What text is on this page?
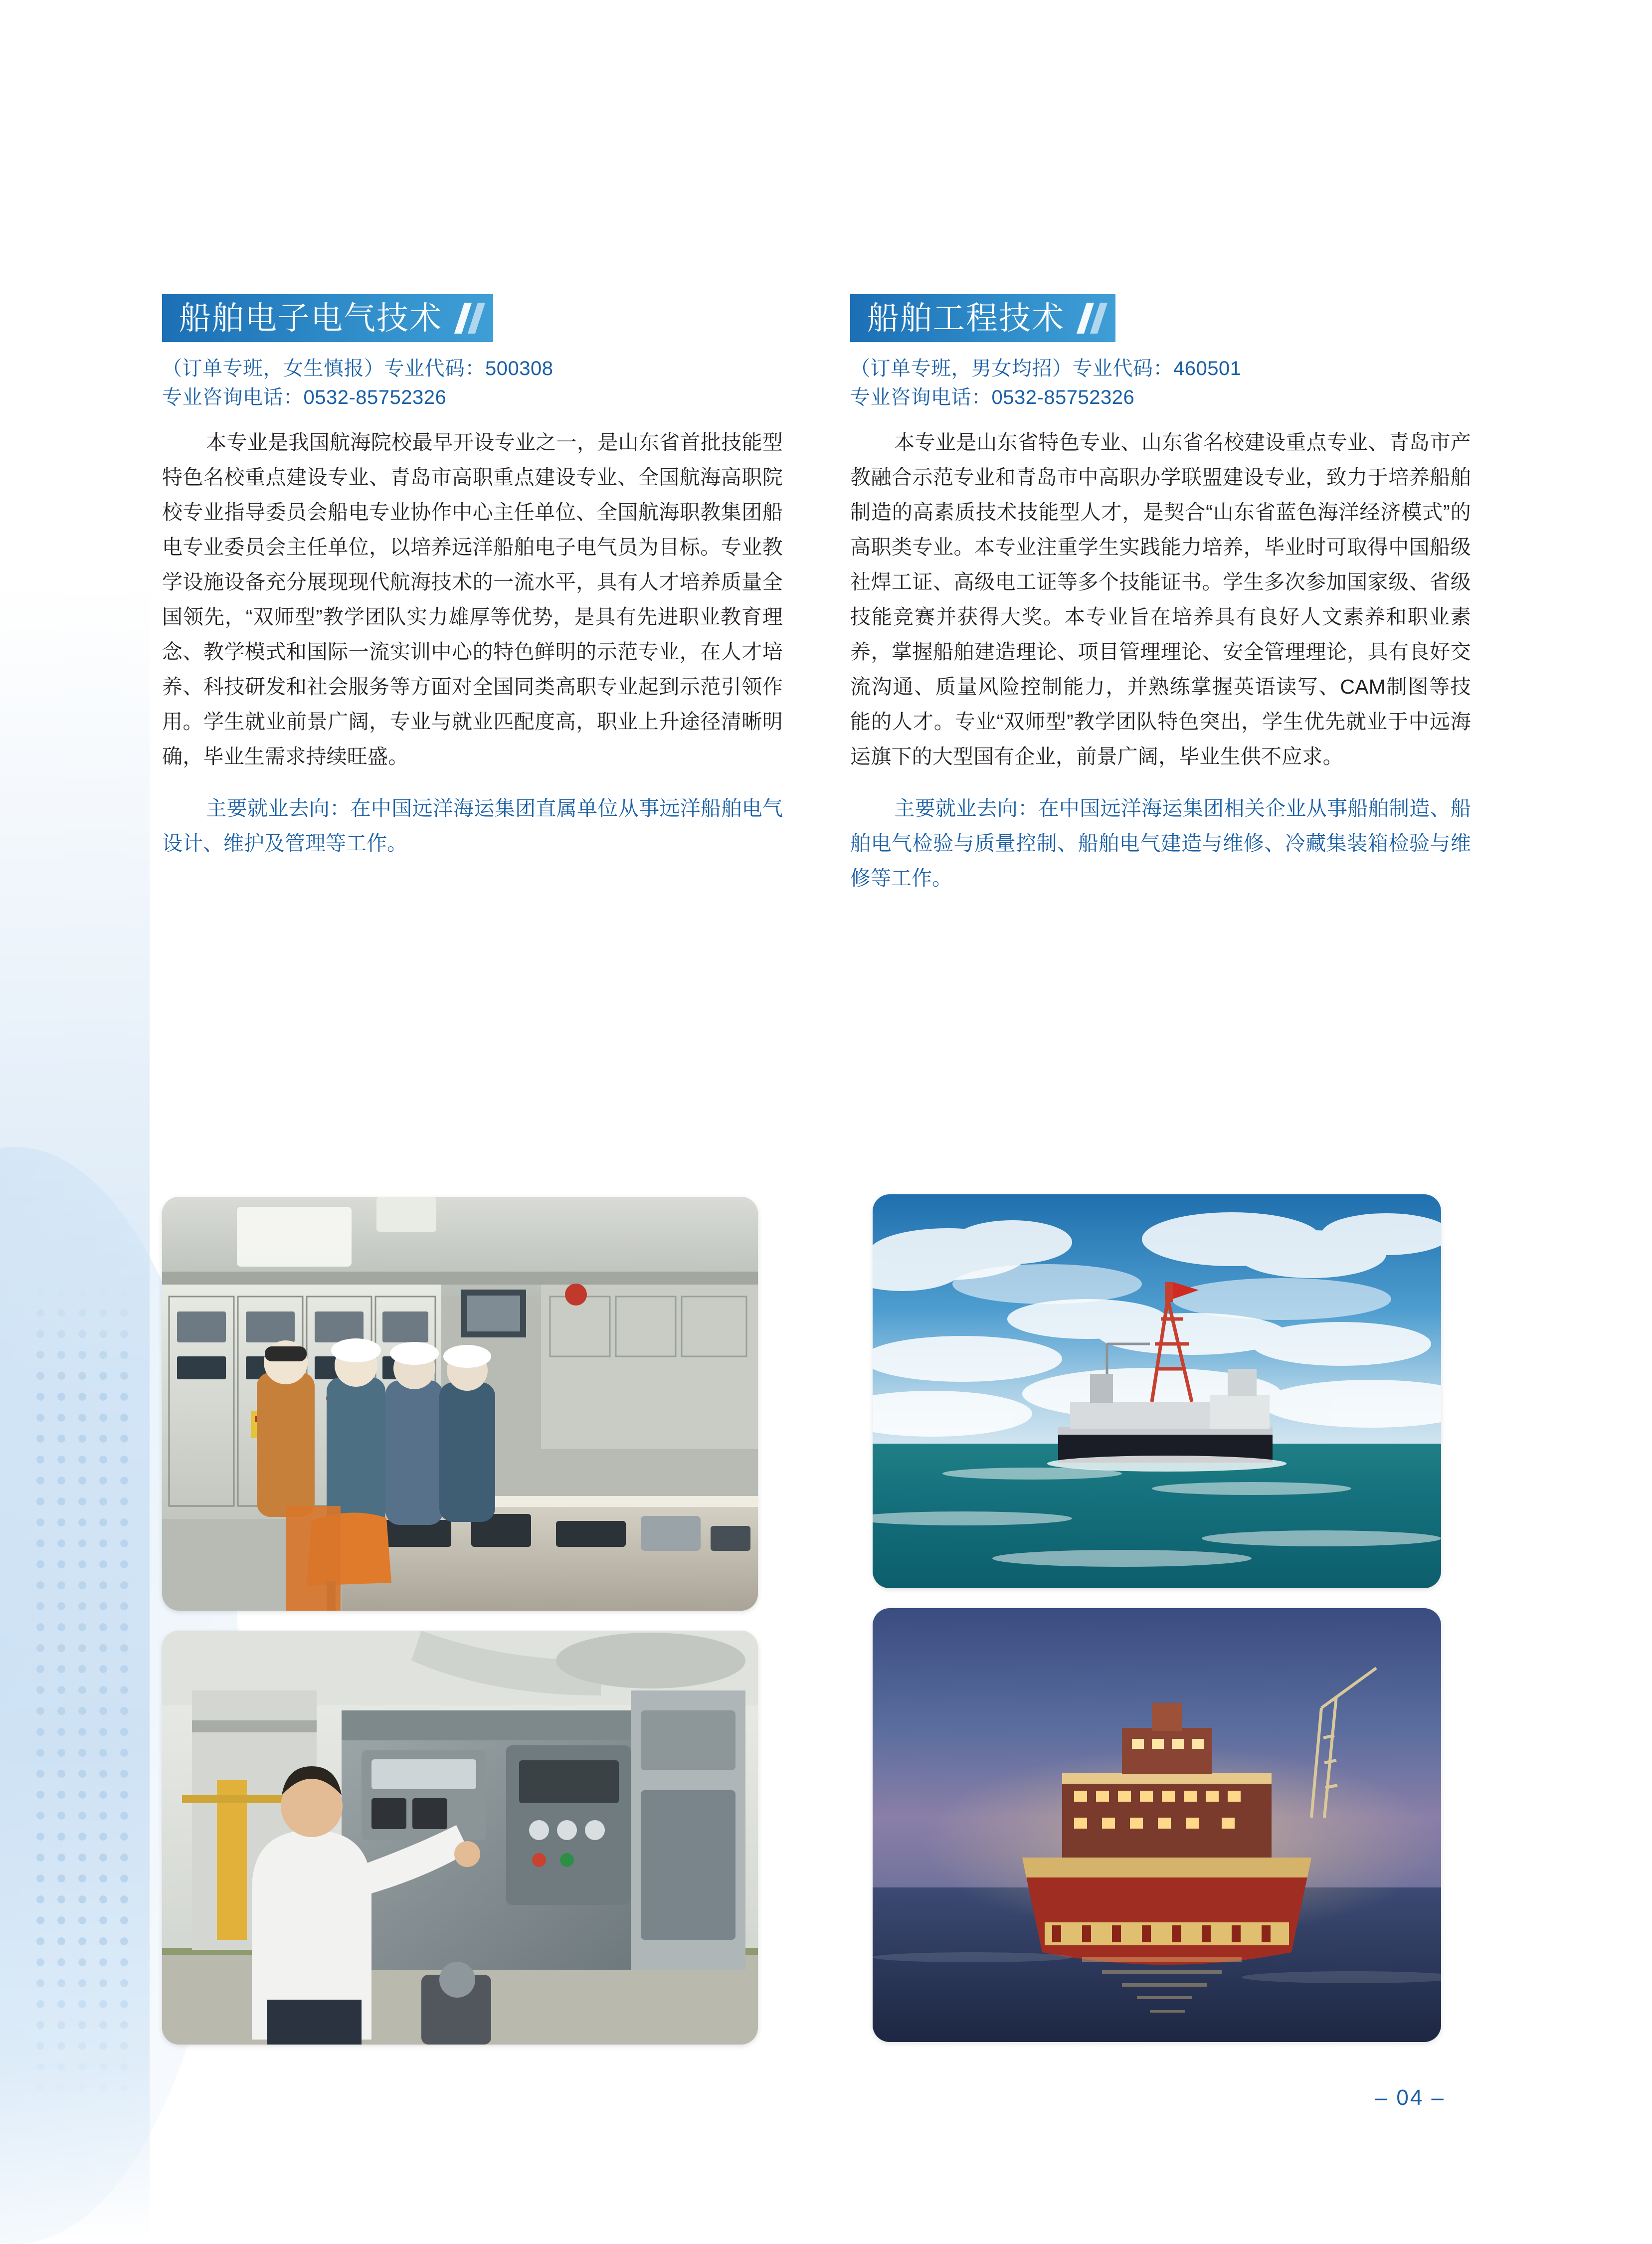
船舶电子电气技术
（订单专班，女生慎报）专业代码：500308
专业咨询电话：0532-85752326
本专业是我国航海院校最早开设专业之一，是山东省首批技能型特色名校重点建设专业、青岛市高职重点建设专业、全国航海高职院校专业指导委员会船电专业协作中心主任单位、全国航海职教集团船电专业委员会主任单位，以培养远洋船舶电子电气员为目标。专业教学设施设备充分展现现代航海技术的一流水平，具有人才培养质量全国领先，“双师型”教学团队实力雄厚等优势，是具有先进职业教育理念、教学模式和国际一流实训中心的特色鲜明的示范专业，在人才培养、科技研发和社会服务等方面对全国同类高职专业起到示范引领作用。学生就业前景广阔，专业与就业匹配度高，职业上升途径清晰明确，毕业生需求持续旺盛。
主要就业去向：在中国远洋海运集团直属单位从事远洋船舶电气设计、维护及管理等工作。
船舶工程技术
（订单专班，男女均招）专业代码：460501
专业咨询电话：0532-85752326
本专业是山东省特色专业、山东省名校建设重点专业、青岛市产教融合示范专业和青岛市中高职办学联盟建设专业，致力于培养船舶制造的高素质技术技能型人才，是契合“山东省蓝色海洋经济模式”的高职类专业。本专业注重学生实践能力培养，毕业时可取得中国船级社焊工证、高级电工证等多个技能证书。学生多次参加国家级、省级技能竞赛并获得大奖。本专业旨在培养具有良好人文素养和职业素养，掌握船舶建造理论、项目管理理论、安全管理理论，具有良好交流沟通、质量风险控制能力，并熟练掌握英语读写、CAM制图等技能的人才。专业“双师型”教学团队特色突出，学生优先就业于中远海运旗下的大型国有企业，前景广阔，毕业生供不应求。
主要就业去向：在中国远洋海运集团相关企业从事船舶制造、船舶电气检验与质量控制、船舶电气建造与维修、冷藏集装箱检验与维修等工作。
– 04 –
